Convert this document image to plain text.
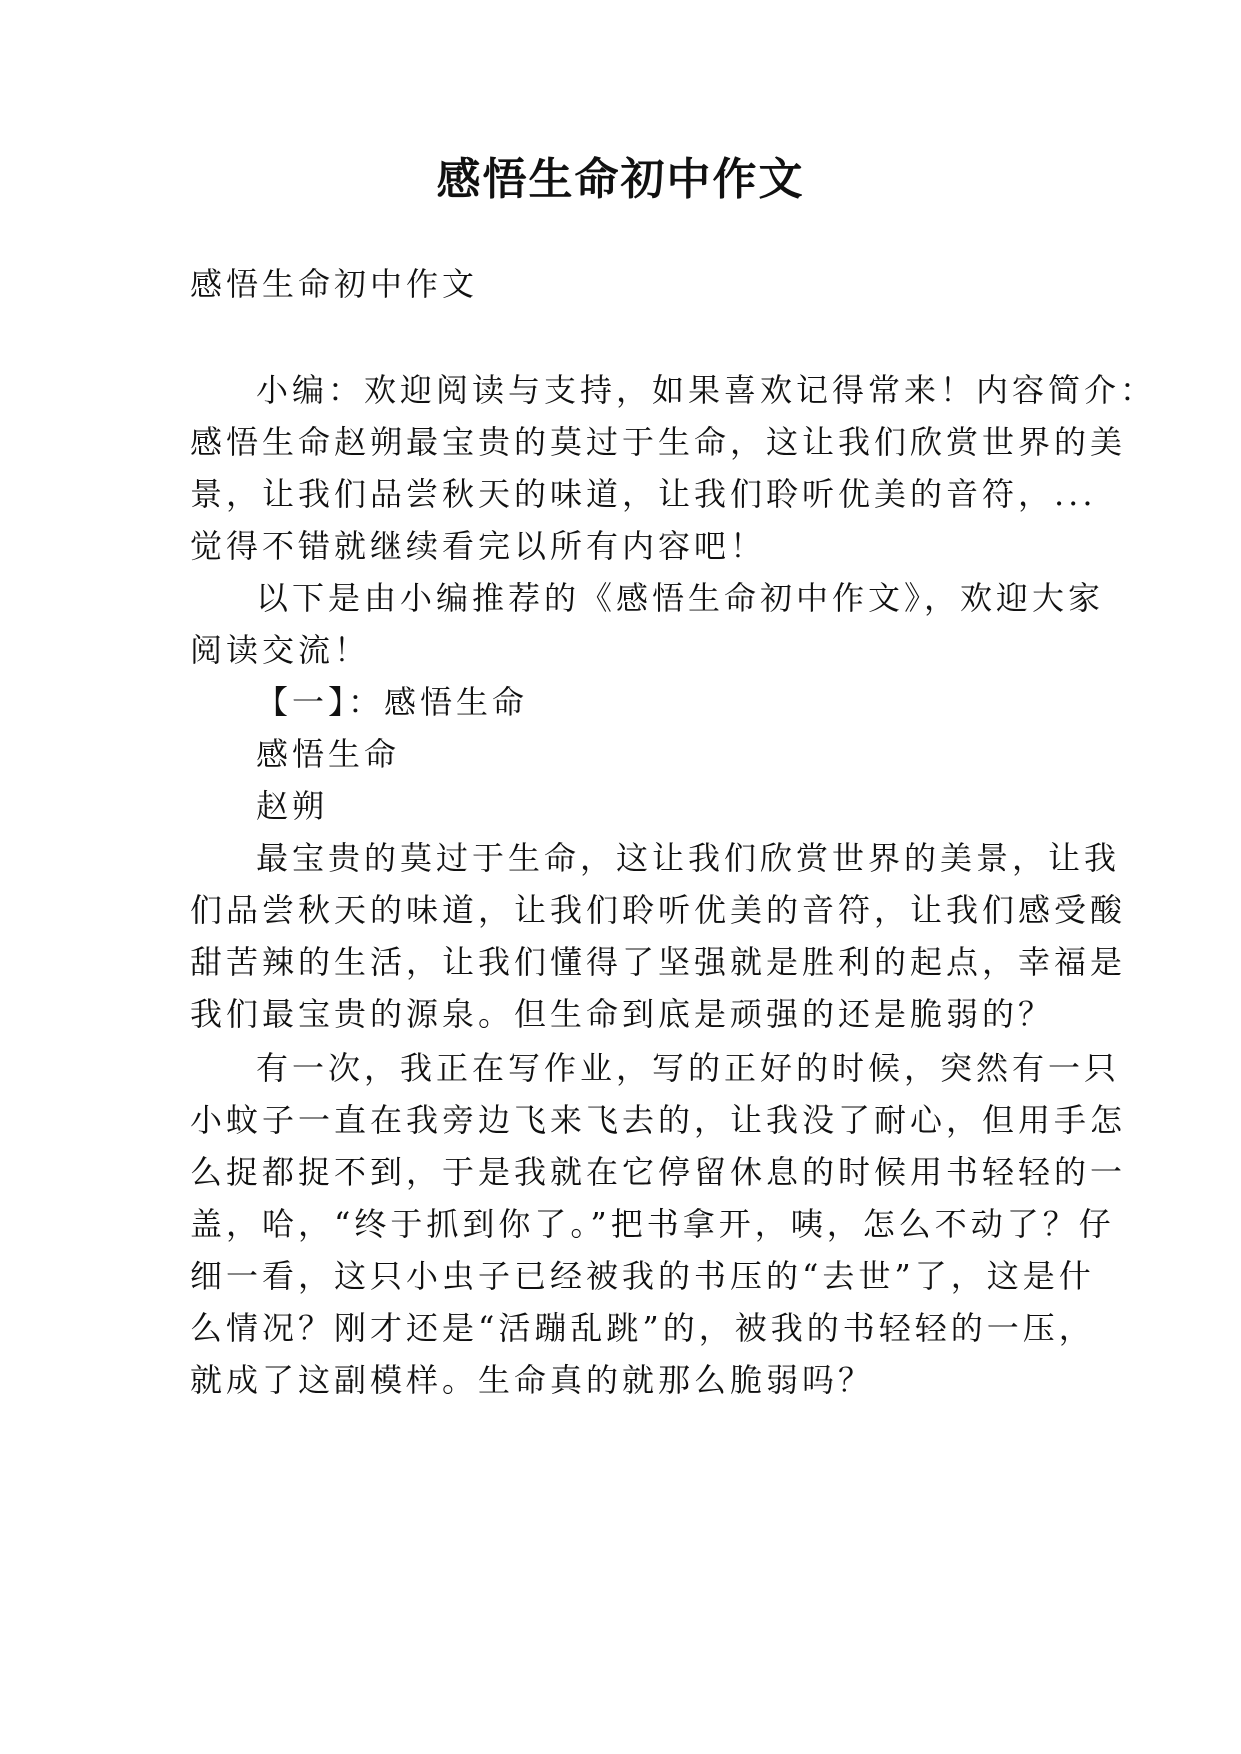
感悟生命初中作文
感悟生命初中作文
小编：欢迎阅读与支持，如果喜欢记得常来！内容简介：
感悟生命赵朔最宝贵的莫过于生命，这让我们欣赏世界的美
景，让我们品尝秋天的味道，让我们聆听优美的音符，...
觉得不错就继续看完以所有内容吧！
以下是由小编推荐的《感悟生命初中作文》，欢迎大家
阅读交流！
【一】：感悟生命
感悟生命
赵朔
最宝贵的莫过于生命，这让我们欣赏世界的美景，让我
们品尝秋天的味道，让我们聆听优美的音符，让我们感受酸
甜苦辣的生活，让我们懂得了坚强就是胜利的起点，幸福是
我们最宝贵的源泉。但生命到底是顽强的还是脆弱的？
有一次，我正在写作业，写的正好的时候，突然有一只
小蚊子一直在我旁边飞来飞去的，让我没了耐心，但用手怎
么捉都捉不到，于是我就在它停留休息的时候用书轻轻的一
盖，哈，“终于抓到你了。”把书拿开，咦，怎么不动了？仔
细一看，这只小虫子已经被我的书压的“去世”了，这是什
么情况？刚才还是“活蹦乱跳”的，被我的书轻轻的一压，
就成了这副模样。生命真的就那么脆弱吗？
